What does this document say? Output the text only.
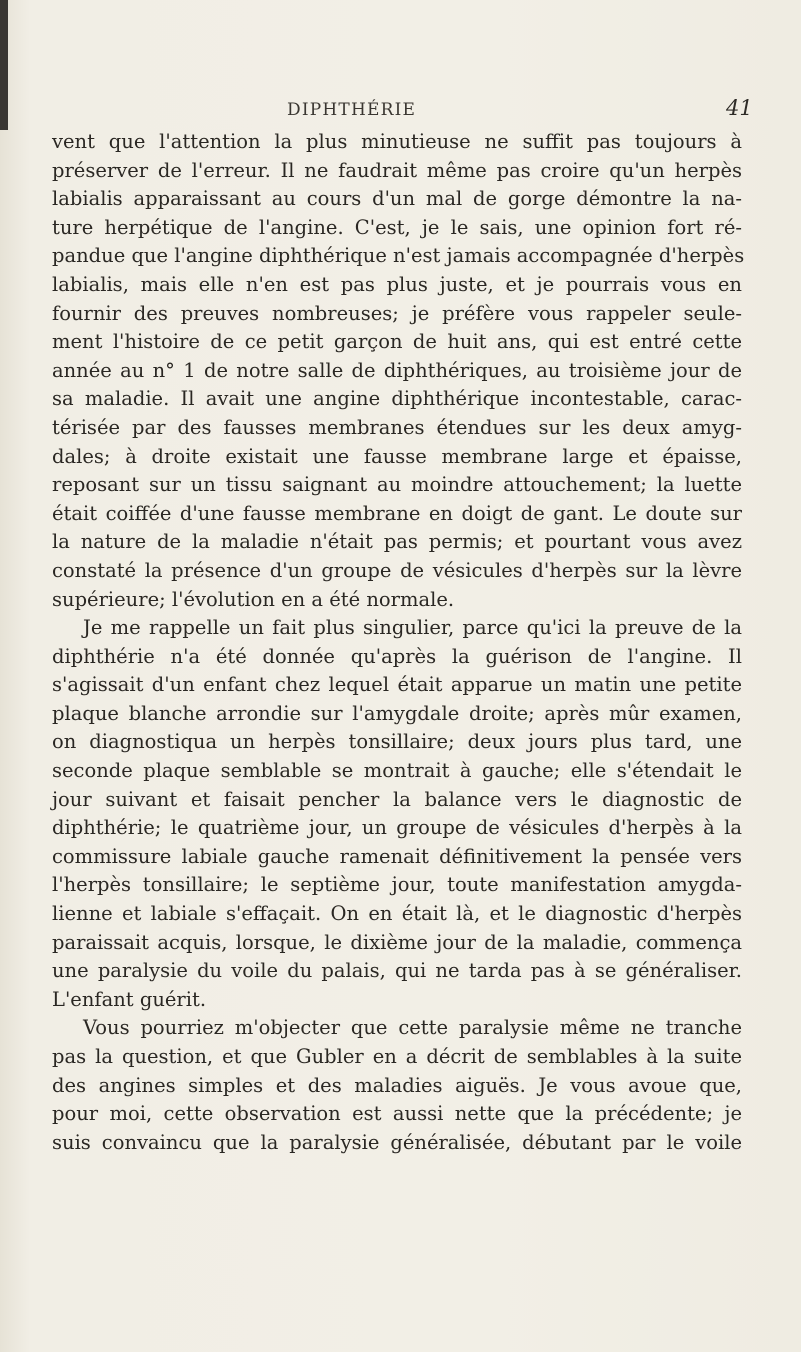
DIPHTHÉRIE	41
vent que l'attention la plus minutieuse ne suffit pas toujours à
préserver de l'erreur. Il ne faudrait même pas croire qu'un herpès
labialis apparaissant au cours d'un mal de gorge démontre la na-
ture herpétique de l'angine. C'est, je le sais, une opinion fort ré-
pandue que l'angine diphthérique n'est jamais accompagnée d'herpès
labialis, mais elle n'en est pas plus juste, et je pourrais vous en
fournir des preuves nombreuses; je préfère vous rappeler seule-
ment l'histoire de ce petit garçon de huit ans, qui est entré cette
année au n° 1 de notre salle de diphthériques, au troisième jour de
sa maladie. Il avait une angine diphthérique incontestable, carac-
térisée par des fausses membranes étendues sur les deux amyg-
dales; à droite existait une fausse membrane large et épaisse,
reposant sur un tissu saignant au moindre attouchement; la luette
était coiffée d'une fausse membrane en doigt de gant. Le doute sur
la nature de la maladie n'était pas permis; et pourtant vous avez
constaté la présence d'un groupe de vésicules d'herpès sur la lèvre
supérieure; l'évolution en a été normale.
Je me rappelle un fait plus singulier, parce qu'ici la preuve de la
diphthérie n'a été donnée qu'après la guérison de l'angine. Il
s'agissait d'un enfant chez lequel était apparue un matin une petite
plaque blanche arrondie sur l'amygdale droite; après mûr examen,
on diagnostiqua un herpès tonsillaire; deux jours plus tard, une
seconde plaque semblable se montrait à gauche; elle s'étendait le
jour suivant et faisait pencher la balance vers le diagnostic de
diphthérie; le quatrième jour, un groupe de vésicules d'herpès à la
commissure labiale gauche ramenait définitivement la pensée vers
l'herpès tonsillaire; le septième jour, toute manifestation amygda-
lienne et labiale s'effaçait. On en était là, et le diagnostic d'herpès
paraissait acquis, lorsque, le dixième jour de la maladie, commença
une paralysie du voile du palais, qui ne tarda pas à se généraliser.
L'enfant guérit.
Vous pourriez m'objecter que cette paralysie même ne tranche
pas la question, et que Gubler en a décrit de semblables à la suite
des angines simples et des maladies aiguës. Je vous avoue que,
pour moi, cette observation est aussi nette que la précédente; je
suis convaincu que la paralysie généralisée, débutant par le voile
